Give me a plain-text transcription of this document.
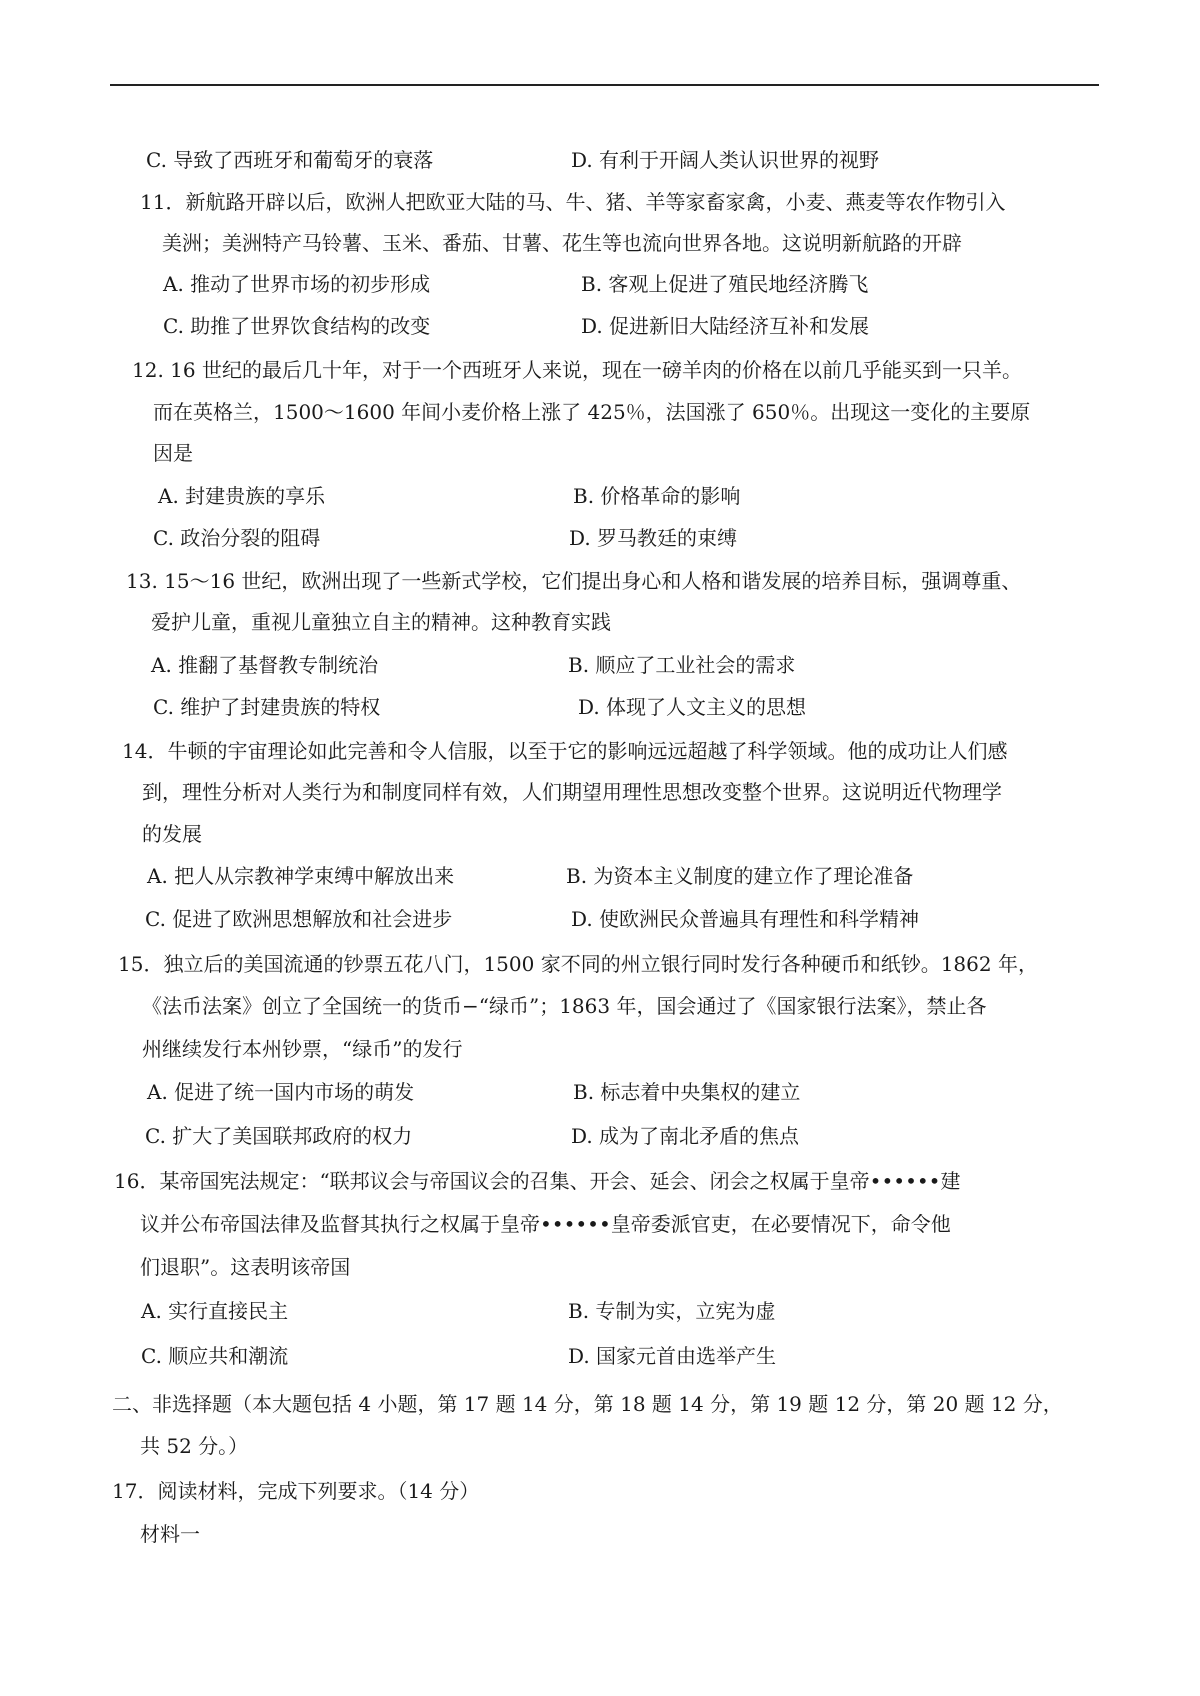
C. 导致了西班牙和葡萄牙的衰落	D. 有利于开阔人类认识世界的视野
11．新航路开辟以后，欧洲人把欧亚大陆的马、牛、猪、羊等家畜家禽，小麦、燕麦等农作物引入
美洲；美洲特产马铃薯、玉米、番茄、甘薯、花生等也流向世界各地。这说明新航路的开辟
A. 推动了世界市场的初步形成	B. 客观上促进了殖民地经济腾飞
C. 助推了世界饮食结构的改变	D. 促进新旧大陆经济互补和发展
12. 16 世纪的最后几十年，对于一个西班牙人来说，现在一磅羊肉的价格在以前几乎能买到一只羊。
而在英格兰，1500～1600 年间小麦价格上涨了 425％，法国涨了 650％。出现这一变化的主要原
因是
A. 封建贵族的享乐	B. 价格革命的影响
C. 政治分裂的阻碍	D. 罗马教廷的束缚
13. 15～16 世纪，欧洲出现了一些新式学校，它们提出身心和人格和谐发展的培养目标，强调尊重、
爱护儿童，重视儿童独立自主的精神。这种教育实践
A. 推翻了基督教专制统治	B. 顺应了工业社会的需求
C. 维护了封建贵族的特权	D. 体现了人文主义的思想
14．牛顿的宇宙理论如此完善和令人信服，以至于它的影响远远超越了科学领域。他的成功让人们感
到，理性分析对人类行为和制度同样有效，人们期望用理性思想改变整个世界。这说明近代物理学
的发展
A. 把人从宗教神学束缚中解放出来	B. 为资本主义制度的建立作了理论准备
C. 促进了欧洲思想解放和社会进步	D. 使欧洲民众普遍具有理性和科学精神
15．独立后的美国流通的钞票五花八门，1500 家不同的州立银行同时发行各种硬币和纸钞。1862 年，
《法币法案》创立了全国统一的货币−“绿币”；1863 年，国会通过了《国家银行法案》，禁止各
州继续发行本州钞票，“绿币”的发行
A. 促进了统一国内市场的萌发	B. 标志着中央集权的建立
C. 扩大了美国联邦政府的权力	D. 成为了南北矛盾的焦点
16．某帝国宪法规定：“联邦议会与帝国议会的召集、开会、延会、闭会之权属于皇帝••••••建
议并公布帝国法律及监督其执行之权属于皇帝••••••皇帝委派官吏，在必要情况下，命令他
们退职”。这表明该帝国
A. 实行直接民主	B. 专制为实，立宪为虚
C. 顺应共和潮流	D. 国家元首由选举产生
二、非选择题（本大题包括 4 小题，第 17 题 14 分，第 18 题 14 分，第 19 题 12 分，第 20 题 12 分，
共 52 分。）
17．阅读材料，完成下列要求。（14 分）
材料一
